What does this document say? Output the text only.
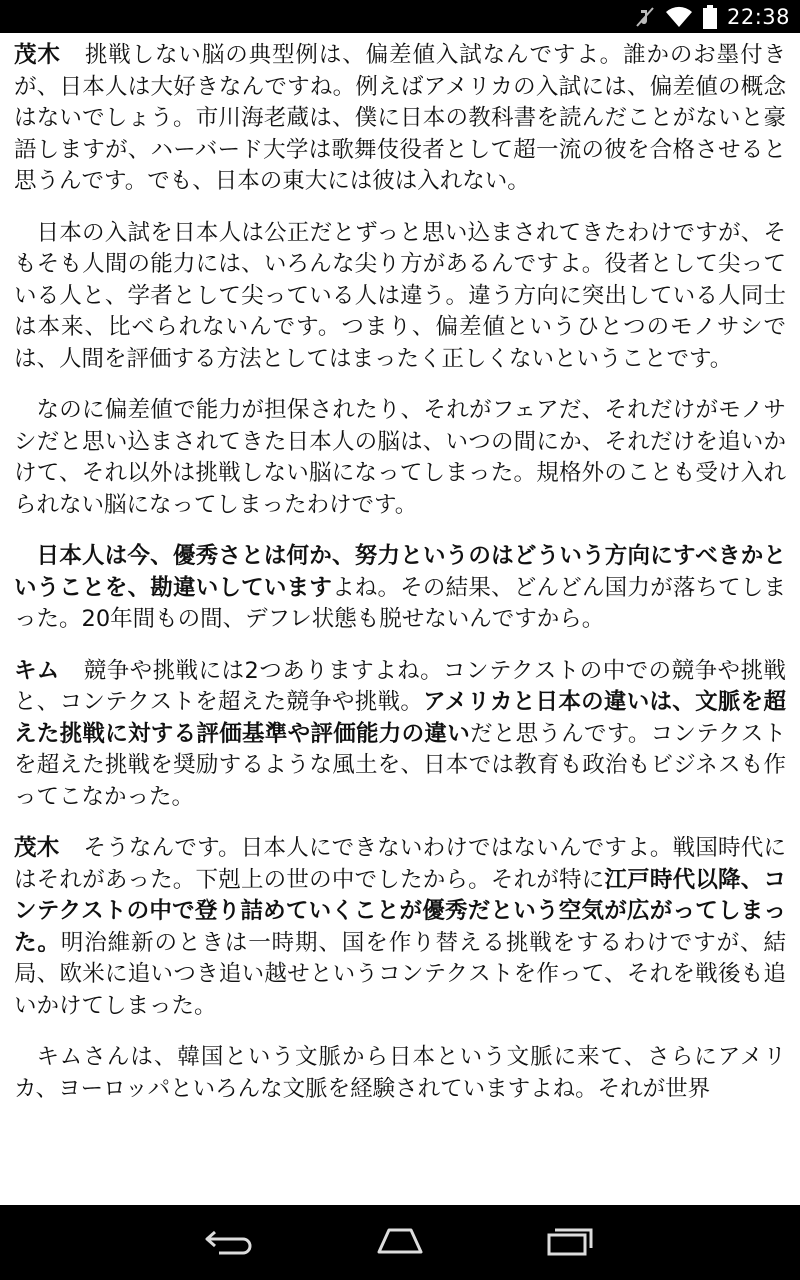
22:38

茂木 挑戦しない脳の典型例は、偏差値入試なんですよ。誰かのお墨付きが、日本人は大好きなんですね。例えばアメリカの入試には、偏差値の概念はないでしょう。市川海老蔵は、僕に日本の教科書を読んだことがないと豪語しますが、ハーバード大学は歌舞伎役者として超一流の彼を合格させると思うんです。でも、日本の東大には彼は入れない。

日本の入試を日本人は公正だとずっと思い込まされてきたわけですが、そもそも人間の能力には、いろんな尖り方があるんですよ。役者として尖っている人と、学者として尖っている人は違う。違う方向に突出している人同士は本来、比べられないんです。つまり、偏差値というひとつのモノサシでは、人間を評価する方法としてはまったく正しくないということです。

なのに偏差値で能力が担保されたり、それがフェアだ、それだけがモノサシだと思い込まされてきた日本人の脳は、いつの間にか、それだけを追いかけて、それ以外は挑戦しない脳になってしまった。規格外のことも受け入れられない脳になってしまったわけです。

日本人は今、優秀さとは何か、努力というのはどういう方向にすべきかということを、勘違いしていますよね。その結果、どんどん国力が落ちてしまった。20年間もの間、デフレ状態も脱せないんですから。

キム 競争や挑戦には2つありますよね。コンテクストの中での競争や挑戦と、コンテクストを超えた競争や挑戦。アメリカと日本の違いは、文脈を超えた挑戦に対する評価基準や評価能力の違いだと思うんです。コンテクストを超えた挑戦を奨励するような風土を、日本では教育も政治もビジネスも作ってこなかった。

茂木 そうなんです。日本人にできないわけではないんですよ。戦国時代にはそれがあった。下剋上の世の中でしたから。それが特に江戸時代以降、コンテクストの中で登り詰めていくことが優秀だという空気が広がってしまった。明治維新のときは一時期、国を作り替える挑戦をするわけですが、結局、欧米に追いつき追い越せというコンテクストを作って、それを戦後も追いかけてしまった。

キムさんは、韓国という文脈から日本という文脈に来て、さらにアメリカ、ヨーロッパといろんな文脈を経験されていますよね。それが世界
